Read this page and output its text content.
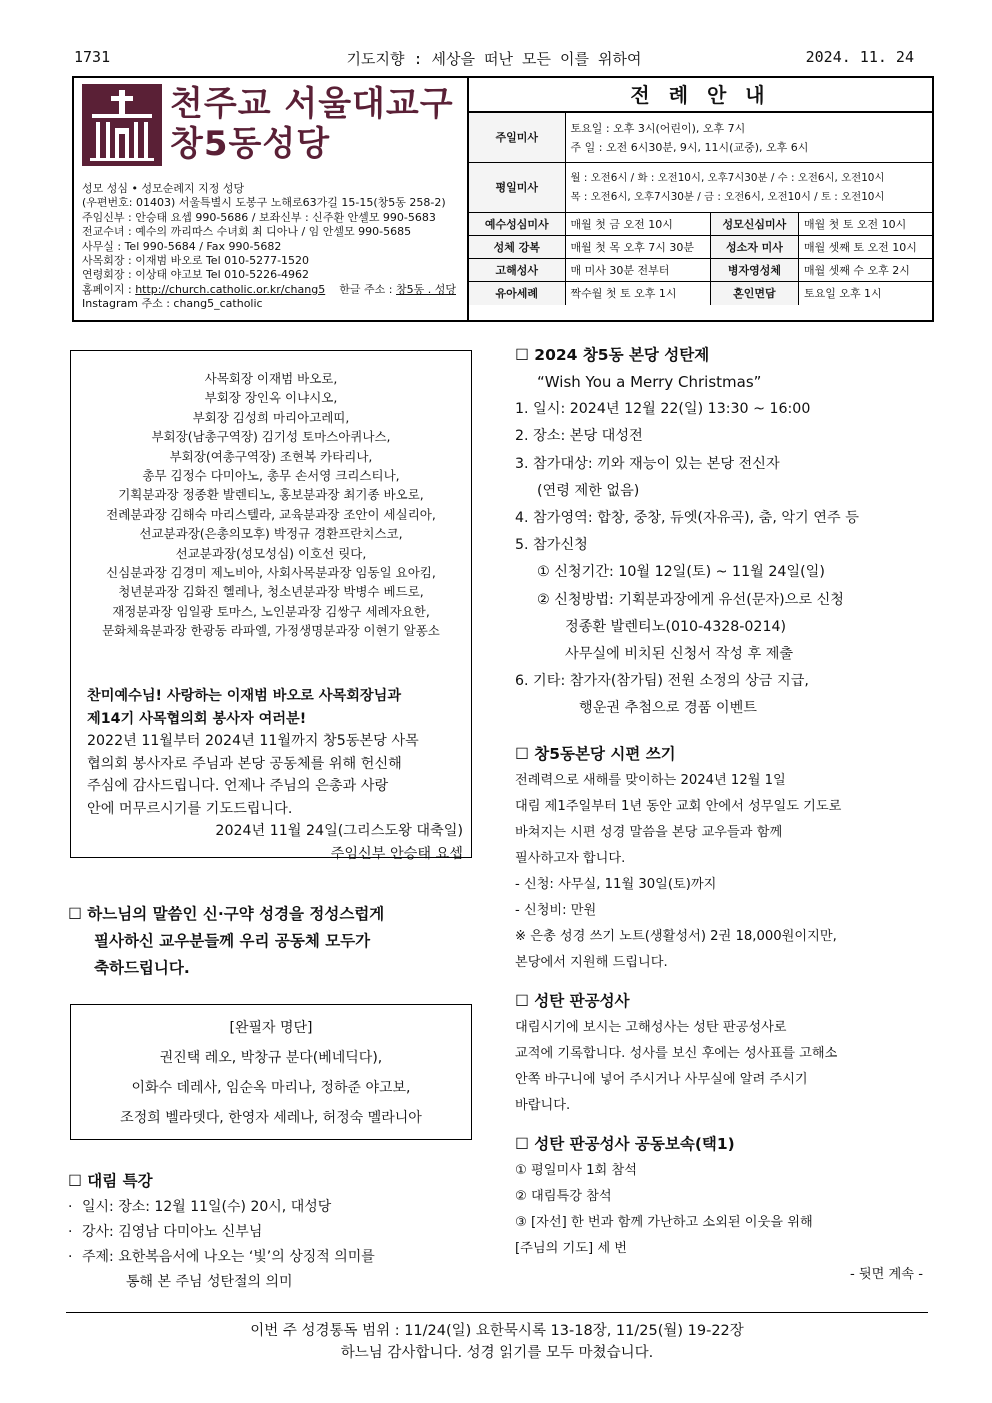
1731	기도지향 : 세상을 떠난 모든 이를 위하여	2024. 11. 24
천주교 서울대교구
창5동성당
성모 성심 • 성모순례지 지정 성당
(우편번호: 01403) 서울특별시 도봉구 노해로63가길 15-15(창5동 258-2)
주임신부 : 안승태 요셉 990-5686 / 보좌신부 : 신주환 안셀모 990-5683
전교수녀 : 예수의 까리따스 수녀회 최 디아나 / 임 안셀모 990-5685
사무실 : Tel 990-5684 / Fax 990-5682
사목회장 : 이재범 바오로 Tel 010-5277-1520
연령회장 : 이상태 야고보 Tel 010-5226-4962
홈페이지 : http://church.catholic.or.kr/chang5 한글 주소 : 창5동 . 성당
Instagram 주소 : chang5_catholic
전 례 안 내
주일미사	토요일 : 오후 3시(어린이), 오후 7시
주 일 : 오전 6시30분, 9시, 11시(교중), 오후 6시		

평일미사	월 : 오전6시 / 화 : 오전10시, 오후7시30분 / 수 : 오전6시, 오전10시
목 : 오전6시, 오후7시30분 / 금 : 오전6시, 오전10시 / 토 : 오전10시		

예수성심미사	매월 첫 금 오전 10시	성모신심미사	매월 첫 토 오전 10시
성체 강복	매월 첫 목 오후 7시 30분	성소자 미사	매월 셋째 토 오전 10시
고해성사	매 미사 30분 전부터	병자영성체	매월 셋째 수 오후 2시
유아세례	짝수월 첫 토 오후 1시	혼인면담	토요일 오후 1시
사목회장 이재범 바오로,
부회장 장인옥 이냐시오,
부회장 김성희 마리아고레띠,
부회장(남총구역장) 김기성 토마스아퀴나스,
부회장(여총구역장) 조현복 카타리나,
총무 김정수 다미아노, 총무 손서영 크리스티나,
기획분과장 정종환 발렌티노, 홍보분과장 최기종 바오로,
전례분과장 김해숙 마리스텔라, 교육분과장 조안이 세실리아,
선교분과장(은총의모후) 박정규 경환프란치스코,
선교분과장(성모성심) 이호선 릿다,
신심분과장 김경미 제노비아, 사회사목분과장 임동일 요아킴,
청년분과장 김화진 헬레나, 청소년분과장 박병수 베드로,
재정분과장 임일광 토마스, 노인분과장 김쌍구 세례자요한,
문화체육분과장 한광동 라파엘, 가정생명분과장 이현기 알퐁소
찬미예수님! 사랑하는 이재범 바오로 사목회장님과
제14기 사목협의회 봉사자 여러분!
2022년 11월부터 2024년 11월까지 창5동본당 사목
협의회 봉사자로 주님과 본당 공동체를 위해 헌신해
주심에 감사드립니다. 언제나 주님의 은총과 사랑
안에 머무르시기를 기도드립니다.
2024년 11월 24일(그리스도왕 대축일)
주임신부 안승태 요셉
☐ 하느님의 말씀인 신·구약 성경을 정성스럽게
필사하신 교우분들께 우리 공동체 모두가
축하드립니다.
[완필자 명단]
권진택 레오, 박창규 분다(베네딕다),
이화수 데레사, 임순옥 마리나, 정하준 야고보,
조정희 벨라뎃다, 한영자 세레나, 허정숙 멜라니아
☐ 대림 특강
· 일시: 장소: 12월 11일(수) 20시, 대성당
· 강사: 김영남 다미아노 신부님
· 주제: 요한복음서에 나오는 ‘빛’의 상징적 의미를
통해 본 주님 성탄절의 의미
☐ 2024 창5동 본당 성탄제
“Wish You a Merry Christmas”
1. 일시: 2024년 12월 22(일) 13:30 ~ 16:00
2. 장소: 본당 대성전
3. 참가대상: 끼와 재능이 있는 본당 전신자
(연령 제한 없음)
4. 참가영역: 합창, 중창, 듀엣(자유곡), 춤, 악기 연주 등
5. 참가신청
① 신청기간: 10월 12일(토) ~ 11월 24일(일)
② 신청방법: 기획분과장에게 유선(문자)으로 신청
정종환 발렌티노(010-4328-0214)
사무실에 비치된 신청서 작성 후 제출
6. 기타: 참가자(참가팀) 전원 소정의 상금 지급,
행운권 추첨으로 경품 이벤트
☐ 창5동본당 시편 쓰기
전례력으로 새해를 맞이하는 2024년 12월 1일
대림 제1주일부터 1년 동안 교회 안에서 성무일도 기도로
바쳐지는 시편 성경 말씀을 본당 교우들과 함께
필사하고자 합니다.
- 신청: 사무실, 11월 30일(토)까지
- 신청비: 만원
※ 은총 성경 쓰기 노트(생활성서) 2권 18,000원이지만,
본당에서 지원해 드립니다.
☐ 성탄 판공성사
대림시기에 보시는 고해성사는 성탄 판공성사로
교적에 기록합니다. 성사를 보신 후에는 성사표를 고해소
안쪽 바구니에 넣어 주시거나 사무실에 알려 주시기
바랍니다.
☐ 성탄 판공성사 공동보속(택1)
① 평일미사 1회 참석
② 대림특강 참석
③ [자선] 한 번과 함께 가난하고 소외된 이웃을 위해
[주님의 기도] 세 번
- 뒷면 계속 -
이번 주 성경통독 범위 : 11/24(일) 요한묵시록 13-18장, 11/25(월) 19-22장
하느님 감사합니다. 성경 읽기를 모두 마쳤습니다.
